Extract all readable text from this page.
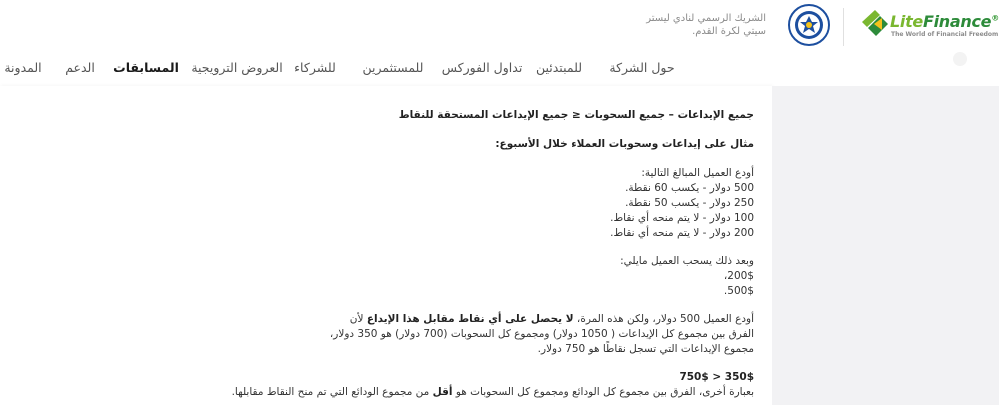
LiteFinance®
The World of Financial Freedom
الشريك الرسمي لنادي ليستر
سيتي لكرة القدم.
حول الشركة
للمبتدئين
تداول الفوركس
للمستثمرين
للشركاء
العروض الترويجية
المسابقات
الدعم
المدونة

جميع الإيداعات – جميع السحوبات ≤ جميع الإيداعات المستحقة للنقاط

مثال على إيداعات وسحوبات العملاء خلال الأسبوع:

أودع العميل المبالغ التالية:

500 دولار - يكسب 60 نقطة.

250 دولار - يكسب 50 نقطة.

100 دولار - لا يتم منحه أي نقاط.

200 دولار - لا يتم منحه أي نقاط.

وبعد ذلك يسحب العميل مايلي:

200$،

500$.

أودع العميل 500 دولار، ولكن هذه المرة، لا يحصل على أي نقاط مقابل هذا الإيداع لأن

الفرق بين مجموع كل الإيداعات ( 1050 دولار) ومجموع كل السحوبات (700 دولار) هو 350 دولار،

مجموع الإيداعات التي تسجل نقاطًا هو 750 دولار.

750$ > 350$

بعبارة أخرى، الفرق بين مجموع كل الودائع ومجموع كل السحوبات هو أقل من مجموع الودائع التي تم منح النقاط مقابلها.
